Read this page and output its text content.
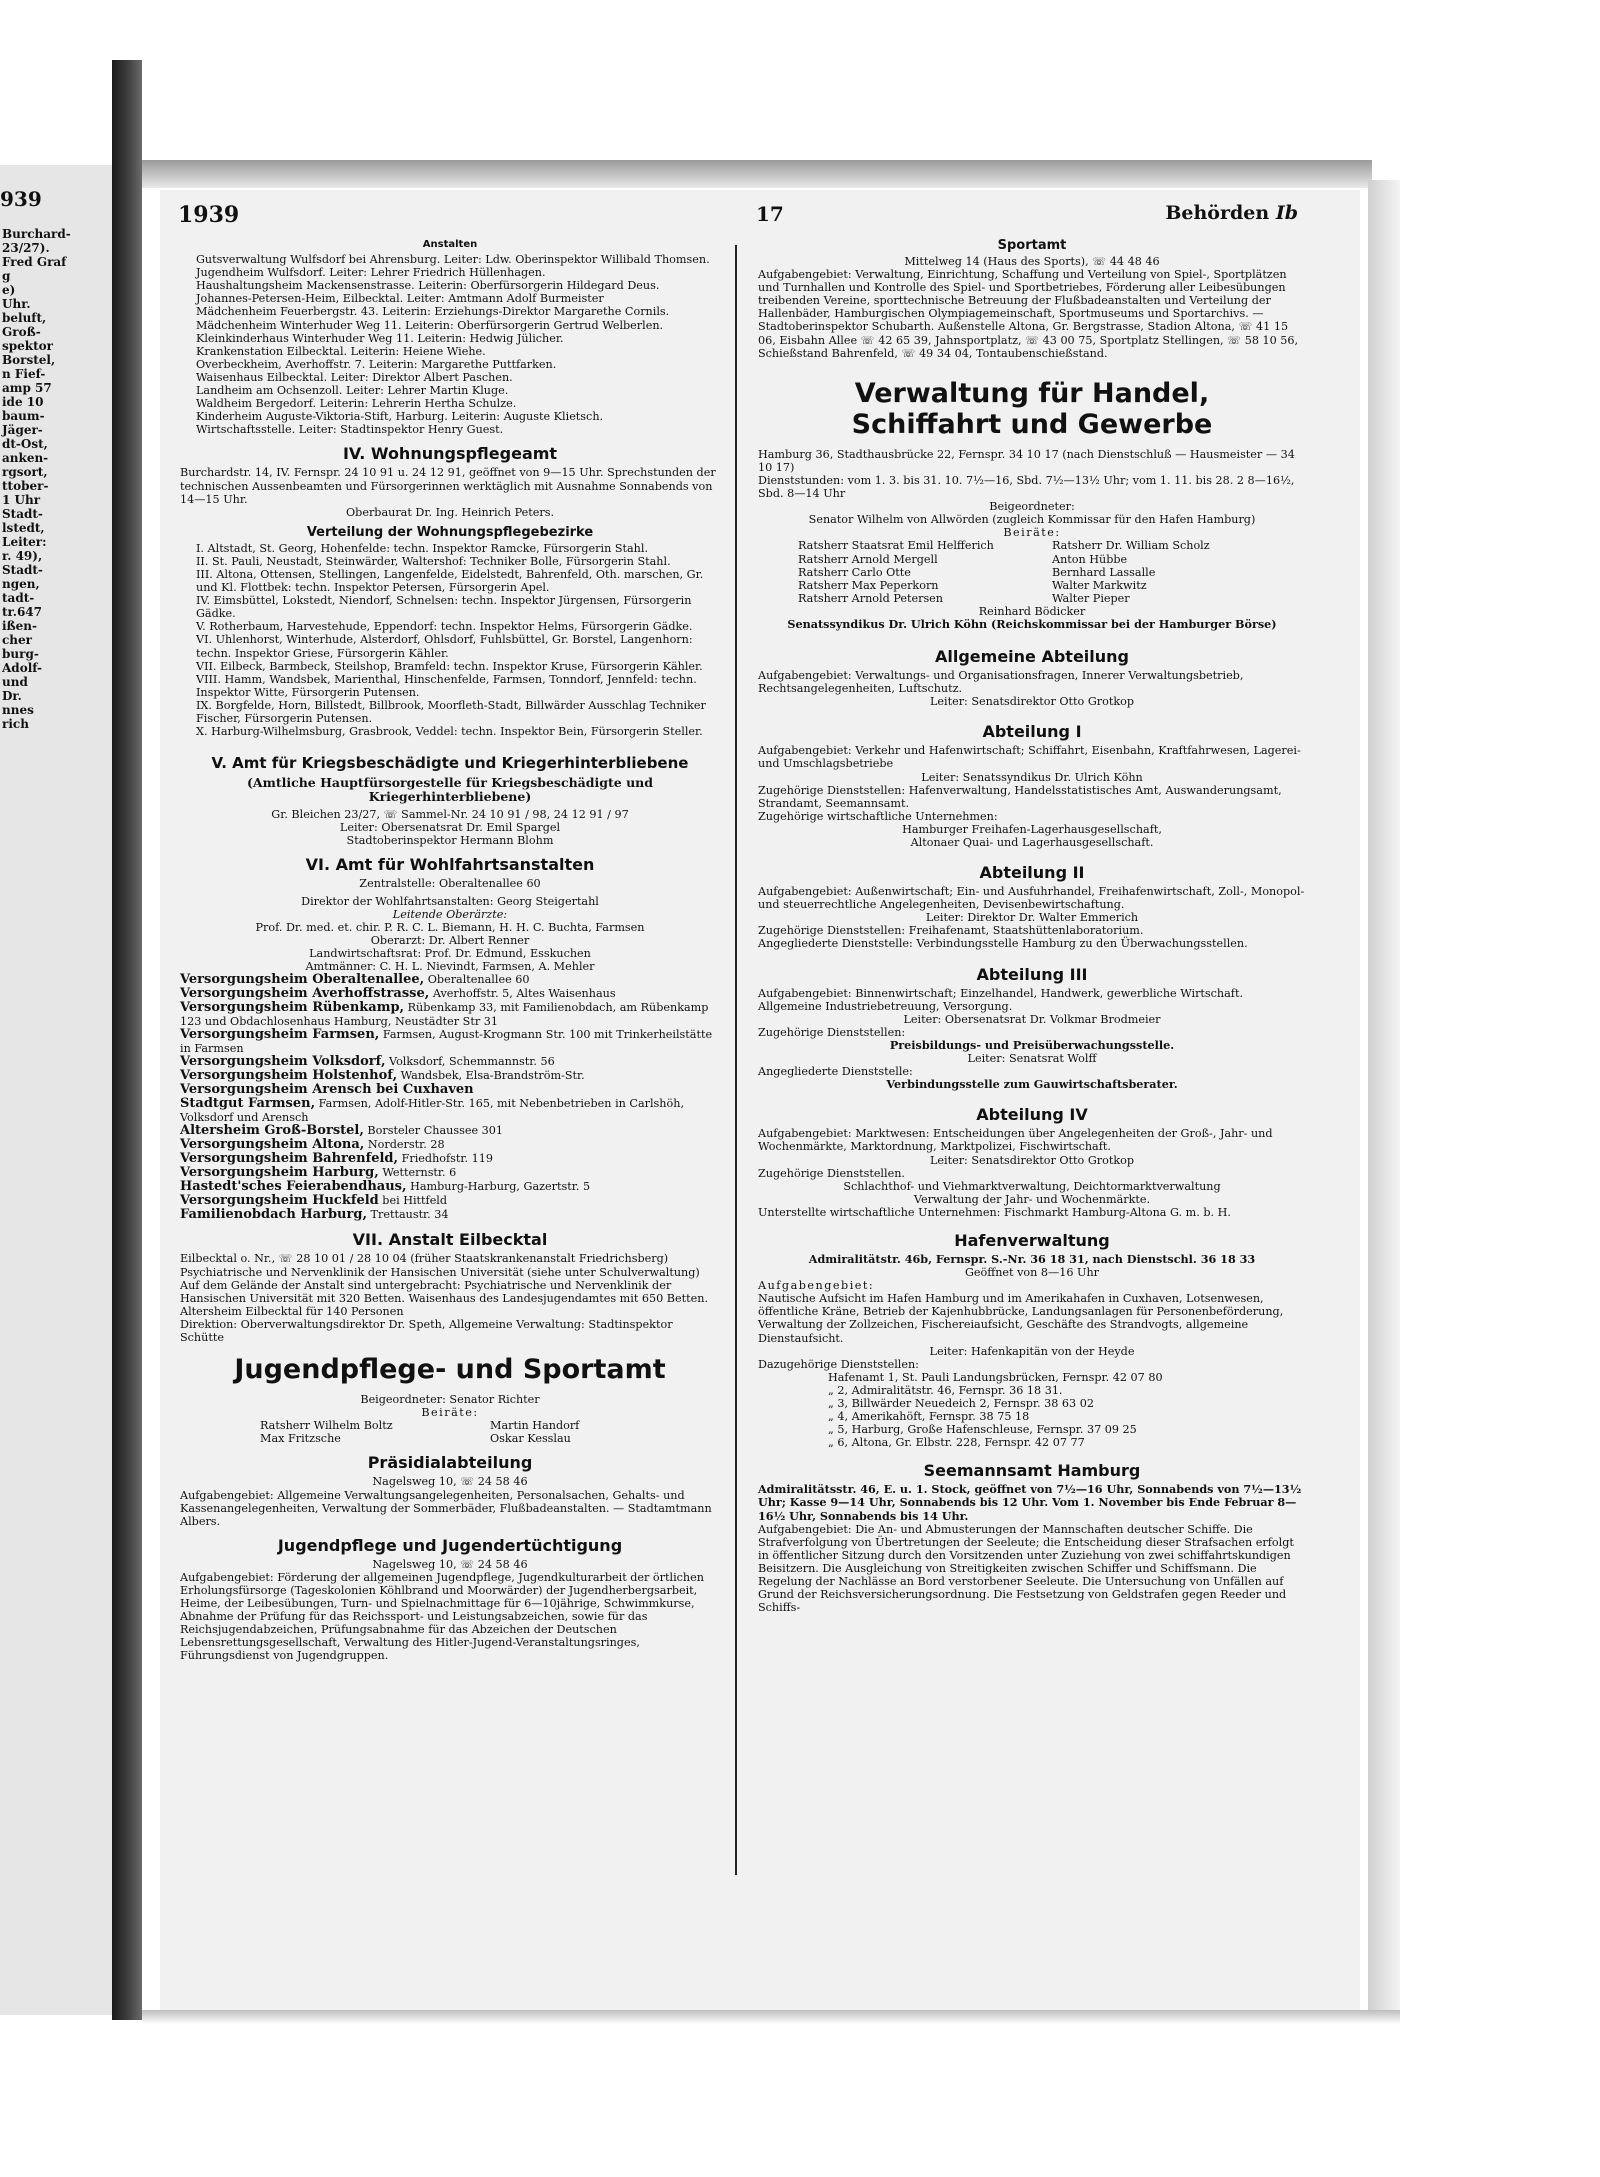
939
Burchard-
23/27).
Fred Graf
g
e)
Uhr.
beluft,
Groß-
spektor
Borstel,
n Fief-
amp 57
ide 10
baum-
Jäger-
dt-Ost,
anken-
rgsort,
ttober-
1 Uhr
Stadt-
lstedt,
Leiter:
r. 49),
Stadt-
ngen,
tadt-
tr.647
ißen-
cher
burg-
Adolf-
und
Dr.
nnes
rich
1939	17	Behörden Ib
Anstalten

Gutsverwaltung Wulfsdorf bei Ahrensburg. Leiter: Ldw. Oberinspektor Willibald Thomsen.

Jugendheim Wulfsdorf. Leiter: Lehrer Friedrich Hüllenhagen.

Haushaltungsheim Mackensenstrasse. Leiterin: Oberfürsorgerin Hildegard Deus.

Johannes-Petersen-Heim, Eilbecktal. Leiter: Amtmann Adolf Burmeister

Mädchenheim Feuerbergstr. 43. Leiterin: Erziehungs-Direktor Margarethe Cornils.

Mädchenheim Winterhuder Weg 11. Leiterin: Oberfürsorgerin Gertrud Welberlen.

Kleinkinderhaus Winterhuder Weg 11. Leiterin: Hedwig Jülicher.

Krankenstation Eilbecktal. Leiterin: Heiene Wiehe.

Overbeckheim, Averhoffstr. 7. Leiterin: Margarethe Puttfarken.

Waisenhaus Eilbecktal. Leiter: Direktor Albert Paschen.

Landheim am Ochsenzoll. Leiter: Lehrer Martin Kluge.

Waldheim Bergedorf. Leiterin: Lehrerin Hertha Schulze.

Kinderheim Auguste-Viktoria-Stift, Harburg. Leiterin: Auguste Klietsch.

Wirtschaftsstelle. Leiter: Stadtinspektor Henry Guest.

IV. Wohnungspflegeamt

Burchardstr. 14, IV. Fernspr. 24 10 91 u. 24 12 91, geöffnet von 9—15 Uhr. Sprechstunden der technischen Aussenbeamten und Fürsorgerinnen werktäglich mit Ausnahme Sonnabends von 14—15 Uhr.

Oberbaurat Dr. Ing. Heinrich Peters.

Verteilung der Wohnungspflegebezirke

I. Altstadt, St. Georg, Hohenfelde: techn. Inspektor Ramcke, Fürsorgerin Stahl.

II. St. Pauli, Neustadt, Steinwärder, Waltershof: Techniker Bolle, Fürsorgerin Stahl.

III. Altona, Ottensen, Stellingen, Langenfelde, Eidelstedt, Bahrenfeld, Oth. marschen, Gr. und Kl. Flottbek: techn. Inspektor Petersen, Fürsorgerin Apel.

IV. Eimsbüttel, Lokstedt, Niendorf, Schnelsen: techn. Inspektor Jürgensen, Fürsorgerin Gädke.

V. Rotherbaum, Harvestehude, Eppendorf: techn. Inspektor Helms, Fürsorgerin Gädke.

VI. Uhlenhorst, Winterhude, Alsterdorf, Ohlsdorf, Fuhlsbüttel, Gr. Borstel, Langenhorn: techn. Inspektor Griese, Fürsorgerin Kähler.

VII. Eilbeck, Barmbeck, Steilshop, Bramfeld: techn. Inspektor Kruse, Fürsorgerin Kähler.

VIII. Hamm, Wandsbek, Marienthal, Hinschenfelde, Farmsen, Tonndorf, Jennfeld: techn. Inspektor Witte, Fürsorgerin Putensen.

IX. Borgfelde, Horn, Billstedt, Billbrook, Moorfleth-Stadt, Billwärder Ausschlag Techniker Fischer, Fürsorgerin Putensen.

X. Harburg-Wilhelmsburg, Grasbrook, Veddel: techn. Inspektor Bein, Fürsorgerin Steller.

V. Amt für Kriegsbeschädigte und Kriegerhinterbliebene

(Amtliche Hauptfürsorgestelle für Kriegsbeschädigte und Kriegerhinterbliebene)

Gr. Bleichen 23/27, ☏ Sammel-Nr. 24 10 91 / 98, 24 12 91 / 97

Leiter: Obersenatsrat Dr. Emil Spargel

Stadtoberinspektor Hermann Blohm

VI. Amt für Wohlfahrtsanstalten

Zentralstelle: Oberaltenallee 60

Direktor der Wohlfahrtsanstalten: Georg Steigertahl

Leitende Oberärzte:

Prof. Dr. med. et. chir. P. R. C. L. Biemann, H. H. C. Buchta, Farmsen

Oberarzt: Dr. Albert Renner

Landwirtschaftsrat: Prof. Dr. Edmund, Esskuchen

Amtmänner: C. H. L. Nievindt, Farmsen, A. Mehler

Versorgungsheim Oberaltenallee, Oberaltenallee 60

Versorgungsheim Averhoffstrasse, Averhoffstr. 5, Altes Waisenhaus

Versorgungsheim Rübenkamp, Rübenkamp 33, mit Familienobdach, am Rübenkamp 123 und Obdachlosenhaus Hamburg, Neustädter Str 31

Versorgungsheim Farmsen, Farmsen, August-Krogmann Str. 100 mit Trinkerheilstätte in Farmsen

Versorgungsheim Volksdorf, Volksdorf, Schemmannstr. 56

Versorgungsheim Holstenhof, Wandsbek, Elsa-Brandström-Str.

Versorgungsheim Arensch bei Cuxhaven

Stadtgut Farmsen, Farmsen, Adolf-Hitler-Str. 165, mit Nebenbetrieben in Carlshöh, Volksdorf und Arensch

Altersheim Groß-Borstel, Borsteler Chaussee 301

Versorgungsheim Altona, Norderstr. 28

Versorgungsheim Bahrenfeld, Friedhofstr. 119

Versorgungsheim Harburg, Wetternstr. 6

Hastedt'sches Feierabendhaus, Hamburg-Harburg, Gazertstr. 5

Versorgungsheim Huckfeld bei Hittfeld

Familienobdach Harburg, Trettaustr. 34

VII. Anstalt Eilbecktal

Eilbecktal o. Nr., ☏ 28 10 01 / 28 10 04 (früher Staatskrankenanstalt Friedrichsberg)

Psychiatrische und Nervenklinik der Hansischen Universität (siehe unter Schulverwaltung)

Auf dem Gelände der Anstalt sind untergebracht: Psychiatrische und Nervenklinik der Hansischen Universität mit 320 Betten. Waisenhaus des Landesjugendamtes mit 650 Betten. Altersheim Eilbecktal für 140 Personen

Direktion: Oberverwaltungsdirektor Dr. Speth, Allgemeine Verwaltung: Stadtinspektor Schütte

Jugendpflege- und Sportamt

Beigeordneter: Senator Richter

Beiräte:

Ratsherr Wilhelm Boltz	Martin Handorf
Max Fritzsche	Oskar Kesslau
Präsidialabteilung

Nagelsweg 10, ☏ 24 58 46

Aufgabengebiet: Allgemeine Verwaltungsangelegenheiten, Personalsachen, Gehalts- und Kassenangelegenheiten, Verwaltung der Sommerbäder, Flußbadeanstalten. — Stadtamtmann Albers.

Jugendpflege und Jugendertüchtigung

Nagelsweg 10, ☏ 24 58 46

Aufgabengebiet: Förderung der allgemeinen Jugendpflege, Jugendkulturarbeit der örtlichen Erholungsfürsorge (Tageskolonien Köhlbrand und Moorwärder) der Jugendherbergsarbeit, Heime, der Leibesübungen, Turn- und Spielnachmittage für 6—10jährige, Schwimmkurse, Abnahme der Prüfung für das Reichssport- und Leistungsabzeichen, sowie für das Reichsjugendabzeichen, Prüfungsabnahme für das Abzeichen der Deutschen Lebensrettungsgesellschaft, Verwaltung des Hitler-Jugend-Veranstaltungsringes, Führungsdienst von Jugendgruppen.

Sportamt

Mittelweg 14 (Haus des Sports), ☏ 44 48 46

Aufgabengebiet: Verwaltung, Einrichtung, Schaffung und Verteilung von Spiel-, Sportplätzen und Turnhallen und Kontrolle des Spiel- und Sportbetriebes, Förderung aller Leibesübungen treibenden Vereine, sporttechnische Betreuung der Flußbadeanstalten und Verteilung der Hallenbäder, Hamburgischen Olympiagemeinschaft, Sportmuseums und Sportarchivs. — Stadtoberinspektor Schubarth. Außenstelle Altona, Gr. Bergstrasse, Stadion Altona, ☏ 41 15 06, Eisbahn Allee ☏ 42 65 39, Jahnsportplatz, ☏ 43 00 75, Sportplatz Stellingen, ☏ 58 10 56, Schießstand Bahrenfeld, ☏ 49 34 04, Tontaubenschießstand.

Verwaltung für Handel,
Schiffahrt und Gewerbe

Hamburg 36, Stadthausbrücke 22, Fernspr. 34 10 17 (nach Dienstschluß — Hausmeister — 34 10 17)

Dienststunden: vom 1. 3. bis 31. 10. 7½—16, Sbd. 7½—13½ Uhr; vom 1. 11. bis 28. 2 8—16½, Sbd. 8—14 Uhr

Beigeordneter:

Senator Wilhelm von Allwörden (zugleich Kommissar für den Hafen Hamburg)

Beiräte:

Ratsherr Staatsrat Emil Helfferich	Ratsherr Dr. William Scholz
Ratsherr Arnold Mergell	Anton Hübbe
Ratsherr Carlo Otte	Bernhard Lassalle
Ratsherr Max Peperkorn	Walter Markwitz
Ratsherr Arnold Petersen	Walter Pieper

Reinhard Bödicker

Senatssyndikus Dr. Ulrich Köhn (Reichskommissar bei der Hamburger Börse)

Allgemeine Abteilung

Aufgabengebiet: Verwaltungs- und Organisationsfragen, Innerer Verwaltungsbetrieb, Rechtsangelegenheiten, Luftschutz.

Leiter: Senatsdirektor Otto Grotkop

Abteilung I

Aufgabengebiet: Verkehr und Hafenwirtschaft; Schiffahrt, Eisenbahn, Kraftfahrwesen, Lagerei- und Umschlagsbetriebe

Leiter: Senatssyndikus Dr. Ulrich Köhn

Zugehörige Dienststellen: Hafenverwaltung, Handelsstatistisches Amt, Auswanderungsamt, Strandamt, Seemannsamt.

Zugehörige wirtschaftliche Unternehmen:

Hamburger Freihafen-Lagerhausgesellschaft,

Altonaer Quai- und Lagerhausgesellschaft.

Abteilung II

Aufgabengebiet: Außenwirtschaft; Ein- und Ausfuhrhandel, Freihafenwirtschaft, Zoll-, Monopol- und steuerrechtliche Angelegenheiten, Devisenbewirtschaftung.

Leiter: Direktor Dr. Walter Emmerich

Zugehörige Dienststellen: Freihafenamt, Staatshüttenlaboratorium.

Angegliederte Dienststelle: Verbindungsstelle Hamburg zu den Überwachungsstellen.

Abteilung III

Aufgabengebiet: Binnenwirtschaft; Einzelhandel, Handwerk, gewerbliche Wirtschaft. Allgemeine Industriebetreuung, Versorgung.

Leiter: Obersenatsrat Dr. Volkmar Brodmeier

Zugehörige Dienststellen:

Preisbildungs- und Preisüberwachungsstelle.

Leiter: Senatsrat Wolff

Angegliederte Dienststelle:

Verbindungsstelle zum Gauwirtschaftsberater.

Abteilung IV

Aufgabengebiet: Marktwesen: Entscheidungen über Angelegenheiten der Groß-, Jahr- und Wochenmärkte, Marktordnung, Marktpolizei, Fischwirtschaft.

Leiter: Senatsdirektor Otto Grotkop

Zugehörige Dienststellen.

Schlachthof- und Viehmarktverwaltung, Deichtormarktverwaltung

Verwaltung der Jahr- und Wochenmärkte.

Unterstellte wirtschaftliche Unternehmen: Fischmarkt Hamburg-Altona G. m. b. H.

Hafenverwaltung

Admiralitätstr. 46b, Fernspr. S.-Nr. 36 18 31, nach Dienstschl. 36 18 33

Geöffnet von 8—16 Uhr

Aufgabengebiet:

Nautische Aufsicht im Hafen Hamburg und im Amerikahafen in Cuxhaven, Lotsenwesen, öffentliche Kräne, Betrieb der Kajenhubbrücke, Landungsanlagen für Personenbeförderung, Verwaltung der Zollzeichen, Fischereiaufsicht, Geschäfte des Strandvogts, allgemeine Dienstaufsicht.

Leiter: Hafenkapitän von der Heyde

Dazugehörige Dienststellen:

Hafenamt 1, St. Pauli Landungsbrücken, Fernspr. 42 07 80

„ 2, Admiralitätstr. 46, Fernspr. 36 18 31.

„ 3, Billwärder Neuedeich 2, Fernspr. 38 63 02

„ 4, Amerikahöft, Fernspr. 38 75 18

„ 5, Harburg, Große Hafenschleuse, Fernspr. 37 09 25

„ 6, Altona, Gr. Elbstr. 228, Fernspr. 42 07 77

Seemannsamt Hamburg

Admiralitätsstr. 46, E. u. 1. Stock, geöffnet von 7½—16 Uhr, Sonnabends von 7½—13½ Uhr; Kasse 9—14 Uhr, Sonnabends bis 12 Uhr. Vom 1. November bis Ende Februar 8—16½ Uhr, Sonnabends bis 14 Uhr.

Aufgabengebiet: Die An- und Abmusterungen der Mannschaften deutscher Schiffe. Die Strafverfolgung von Übertretungen der Seeleute; die Entscheidung dieser Strafsachen erfolgt in öffentlicher Sitzung durch den Vorsitzenden unter Zuziehung von zwei schiffahrtskundigen Beisitzern. Die Ausgleichung von Streitigkeiten zwischen Schiffer und Schiffsmann. Die Regelung der Nachlässe an Bord verstorbener Seeleute. Die Untersuchung von Unfällen auf Grund der Reichsversicherungsordnung. Die Festsetzung von Geldstrafen gegen Reeder und Schiffs-
